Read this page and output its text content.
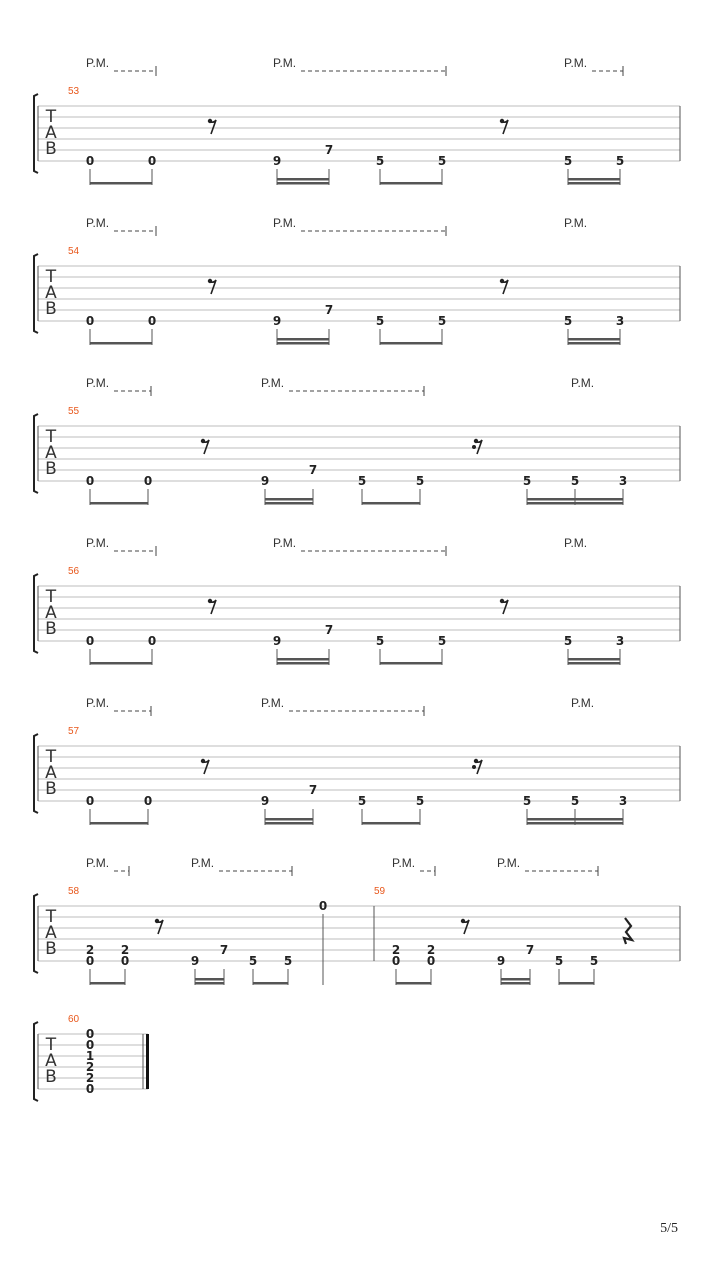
T
A
B
53
P.M.	P.M.	P.M.
0	0	9
7
5	5	5	5
T
A
B
54
P.M.	P.M.	P.M.
0	0	9
7
5	5	5	3
T
A
B
55
P.M.	P.M.	P.M.
0	0	9
7
5	5	5	5	3
T
A
B
56
P.M.	P.M.	P.M.
0	0	9
7
5	5	5	3
T
A
B
57
P.M.	P.M.	P.M.
0	0	9
7
5	5	5	5	3
T
A
B
58	59
P.M.	P.M.	P.M.	P.M.
2
0
2
0	9
7
5 5
0
2
0
2
0	9
7
5 5
T
A
B
60
0
0
1
2
2
0
5/5
